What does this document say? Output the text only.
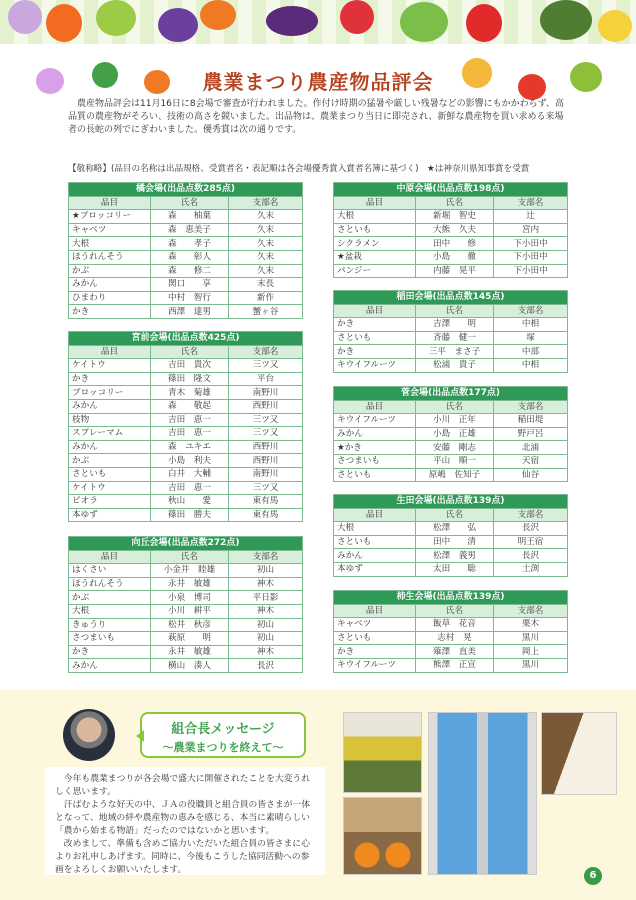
農業まつり農産物品評会

農産物品評会は11月16日に8会場で審査が行われました。作付け時期の猛暑や厳しい残暑などの影響にもかかわらず、高品質の農産物がそろい、技術の高さを競いました。出品物は、農業まつり当日に即売され、新鮮な農産物を買い求める来場者の長蛇の列でにぎわいました。優秀賞は次の通りです。

【敬称略】(品目の名称は出品規格、受賞者名・表記順は各会場優秀賞入賞者名簿に基づく)　★は神奈川県知事賞を受賞

橘会場(出品点数285点)		
品目	氏名	支部名
★ブロッコリー	森　　柚葉	久末
キャベツ	森　恵美子	久末
大根	森　　孝子	久末
ほうれんそう	森　　彰人	久末
かぶ	森　　修二	久末
みかん	関口　　享	末長
ひまわり	中村　智行	新作
かき	西澤　達男	蟹ヶ谷
宮前会場(出品点数425点)		
品目	氏名	支部名
ケイトウ	吉田　貴次	三ツ又
かき	篠田　隆文	平台
ブロッコリー	青木　菊雄	南野川
みかん	森　　敬起	西野川
枝物	吉田　恵一	三ツ又
スプレーマム	吉田　恵一	三ツ又
みかん	森　ユキエ	西野川
かぶ	小島　利夫	西野川
さといも	白井　大輔	南野川
ケイトウ	吉田　恵一	三ツ又
ビオラ	秋山　　愛	東有馬
本ゆず	篠田　勝夫	東有馬
向丘会場(出品点数272点)		
品目	氏名	支部名
はくさい	小金井　睦雄	初山
ほうれんそう	永井　敏雄	神木
かぶ	小泉　博司	平日影
大根	小川　耕平	神木
きゅうり	松井　秋彦	初山
さつまいも	萩原　　明	初山
かき	永井　敏雄	神木
みかん	横山　湊人	長沢
中原会場(出品点数198点)		
品目	氏名	支部名
大根	新堀　智史	辻
さといも	大熊　久夫	宮内
シクラメン	田中　　修	下小田中
★盆栽	小島　　徹	下小田中
パンジー	内藤　晃平	下小田中
稲田会場(出品点数145点)		
品目	氏名	支部名
かき	吉澤　　明	中相
さといも	斉藤　健一	塚
かき	三平　まさ子	中部
キウイフルーツ	松浦　貴子	中相
菅会場(出品点数177点)		
品目	氏名	支部名
キウイフルーツ	小川　正年	稲田堤
みかん	小島　正雄	野戸呂
★かき	安藤　剛志	北浦
さつまいも	平山　順一	天宿
さといも	原嶋　佐知子	仙谷
生田会場(出品点数139点)		
品目	氏名	支部名
大根	松澤　　弘	長沢
さといも	田中　　清	明王宿
みかん	松澤　義男	長沢
本ゆず	太田　　聡	土渕
柿生会場(出品点数139点)		
品目	氏名	支部名
キャベツ	飯草　花音	栗木
さといも	志村　晃	黒川
かき	薙澤　直美	岡上
キウイフルーツ	熊澤　正宣	黒川
組合長メッセージ
～農業まつりを終えて～

今年も農業まつりが各会場で盛大に開催されたことを大変うれしく思います。

汗ばむような好天の中、ＪＡの役職員と組合員の皆さまが一体となって、地域の絆や農産物の恵みを感じる、本当に素晴らしい「農から始まる物語」だったのではないかと思います。

改めまして、準備も含めご協力いただいた組合員の皆さまに心よりお礼申しあげます。同時に、今後もこうした協同活動への参画をよろしくお願いいたします。	6
